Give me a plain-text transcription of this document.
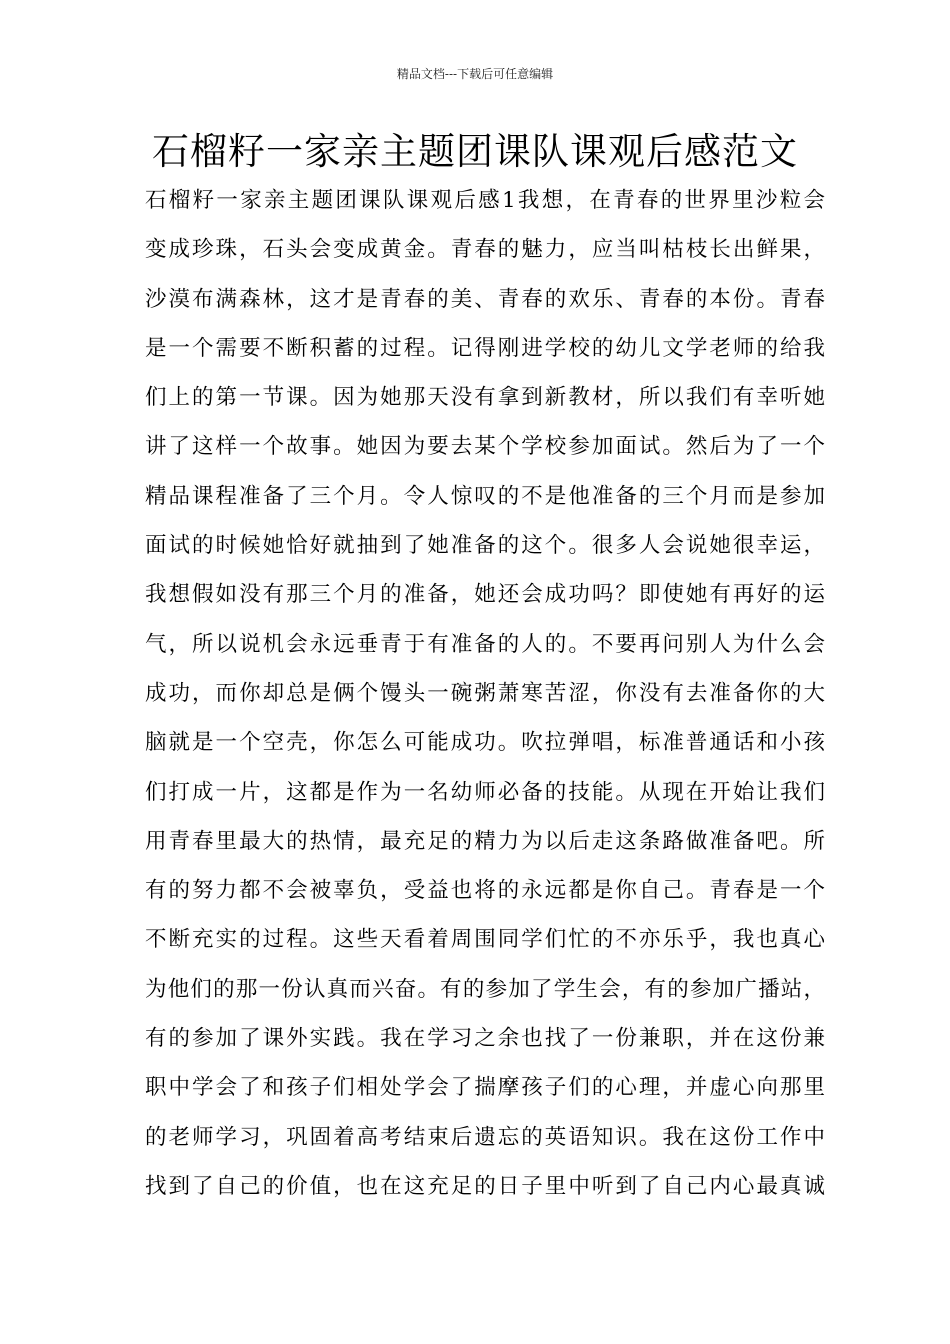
精品文档---下载后可任意编辑
石榴籽一家亲主题团课队课观后感范文
石榴籽一家亲主题团课队课观后感1我想，在青春的世界里沙粒会
变成珍珠，石头会变成黄金。青春的魅力，应当叫枯枝长出鲜果，
沙漠布满森林，这才是青春的美、青春的欢乐、青春的本份。青春
是一个需要不断积蓄的过程。记得刚进学校的幼儿文学老师的给我
们上的第一节课。因为她那天没有拿到新教材，所以我们有幸听她
讲了这样一个故事。她因为要去某个学校参加面试。然后为了一个
精品课程准备了三个月。令人惊叹的不是他准备的三个月而是参加
面试的时候她恰好就抽到了她准备的这个。很多人会说她很幸运，
我想假如没有那三个月的准备，她还会成功吗？即使她有再好的运
气，所以说机会永远垂青于有准备的人的。不要再问别人为什么会
成功，而你却总是俩个馒头一碗粥萧寒苦涩，你没有去准备你的大
脑就是一个空壳，你怎么可能成功。吹拉弹唱，标准普通话和小孩
们打成一片，这都是作为一名幼师必备的技能。从现在开始让我们
用青春里最大的热情，最充足的精力为以后走这条路做准备吧。所
有的努力都不会被辜负，受益也将的永远都是你自己。青春是一个
不断充实的过程。这些天看着周围同学们忙的不亦乐乎，我也真心
为他们的那一份认真而兴奋。有的参加了学生会，有的参加广播站，
有的参加了课外实践。我在学习之余也找了一份兼职，并在这份兼
职中学会了和孩子们相处学会了揣摩孩子们的心理，并虚心向那里
的老师学习，巩固着高考结束后遗忘的英语知识。我在这份工作中
找到了自己的价值，也在这充足的日子里中听到了自己内心最真诚
